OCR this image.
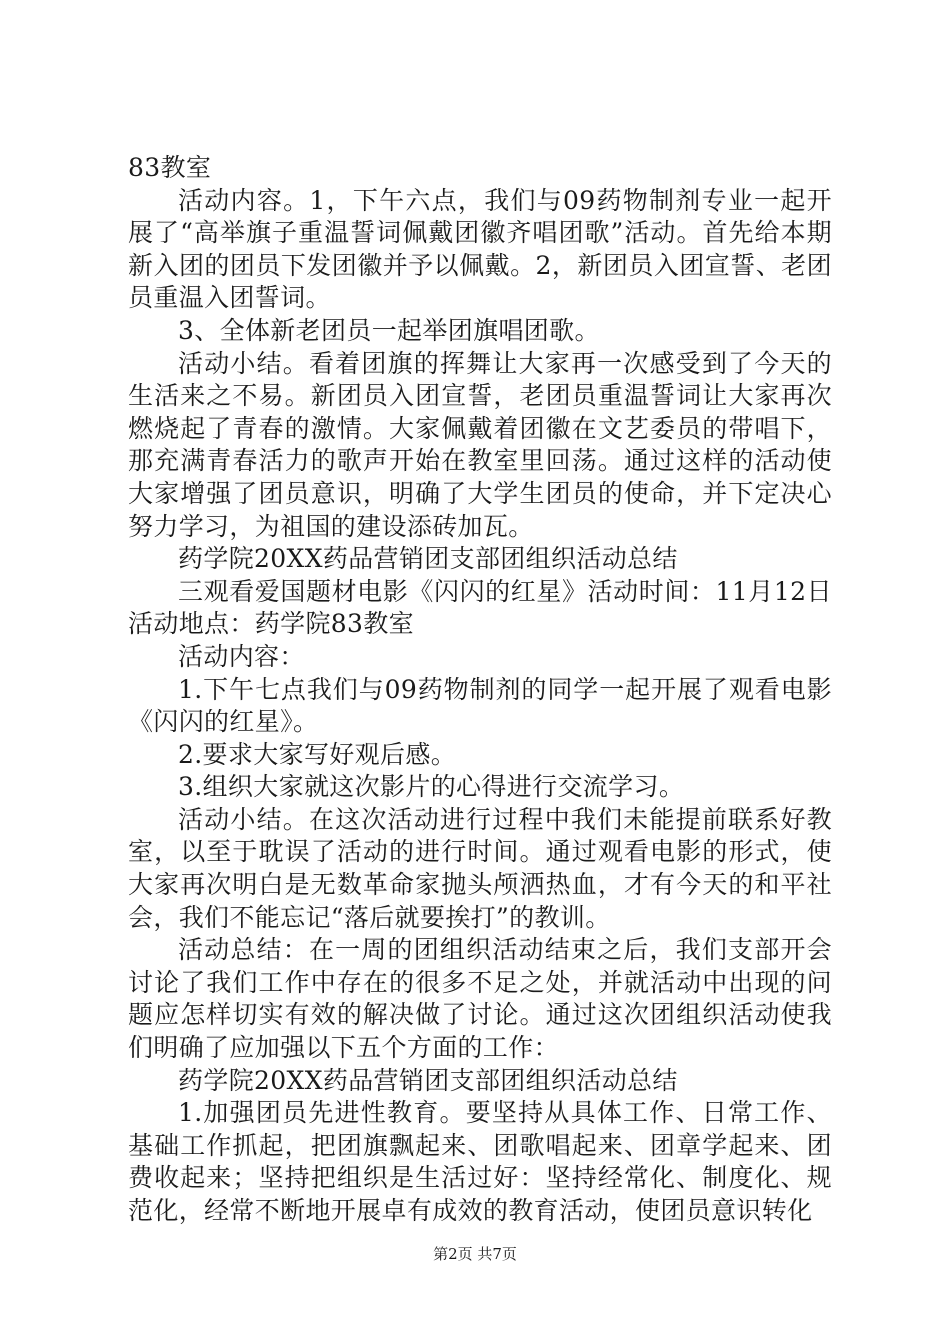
83教室

活动内容。1，下午六点，我们与09药物制剂专业一起开展了“高举旗子重温誓词佩戴团徽齐唱团歌”活动。首先给本期新入团的团员下发团徽并予以佩戴。2，新团员入团宣誓、老团员重温入团誓词。

3、全体新老团员一起举团旗唱团歌。

活动小结。看着团旗的挥舞让大家再一次感受到了今天的生活来之不易。新团员入团宣誓，老团员重温誓词让大家再次燃烧起了青春的激情。大家佩戴着团徽在文艺委员的带唱下，那充满青春活力的歌声开始在教室里回荡。通过这样的活动使大家增强了团员意识，明确了大学生团员的使命，并下定决心努力学习，为祖国的建设添砖加瓦。

药学院20XX药品营销团支部团组织活动总结

三观看爱国题材电影《闪闪的红星》活动时间：11月12日活动地点：药学院83教室

活动内容：

1.下午七点我们与09药物制剂的同学一起开展了观看电影《闪闪的红星》。

2.要求大家写好观后感。

3.组织大家就这次影片的心得进行交流学习。

活动小结。在这次活动进行过程中我们未能提前联系好教室，以至于耽误了活动的进行时间。通过观看电影的形式，使大家再次明白是无数革命家抛头颅洒热血，才有今天的和平社会，我们不能忘记“落后就要挨打”的教训。

活动总结：在一周的团组织活动结束之后，我们支部开会讨论了我们工作中存在的很多不足之处，并就活动中出现的问题应怎样切实有效的解决做了讨论。通过这次团组织活动使我们明确了应加强以下五个方面的工作：

药学院20XX药品营销团支部团组织活动总结

1.加强团员先进性教育。要坚持从具体工作、日常工作、基础工作抓起，把团旗飘起来、团歌唱起来、团章学起来、团费收起来；坚持把组织是生活过好：坚持经常化、制度化、规范化，经常不断地开展卓有成效的教育活动，使团员意识转化

第2页 共7页
